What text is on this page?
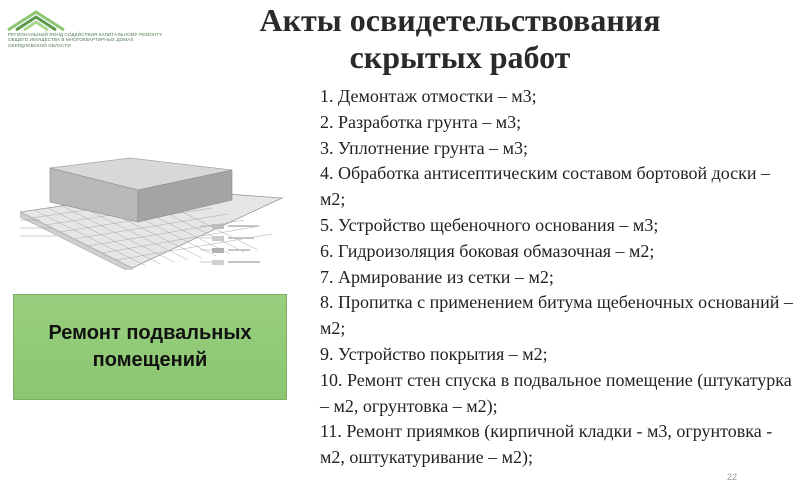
РЕГИОНАЛЬНЫЙ ФОНД СОДЕЙСТВИЯ КАПИТАЛЬНОМУ РЕМОНТУ ОБЩЕГО ИМУЩЕСТВА В МНОГОКВАРТИРНЫХ ДОМАХ СВЕРДЛОВСКОЙ ОБЛАСТИ
Акты освидетельствования
скрытых работ
Ремонт подвальных
помещений
1. Демонтаж отмостки – м3;
2. Разработка грунта – м3;
3. Уплотнение грунта – м3;
4. Обработка антисептическим составом бортовой доски – м2;
5. Устройство щебеночного основания – м3;
6. Гидроизоляция боковая обмазочная – м2;
7. Армирование из сетки – м2;
8. Пропитка с применением битума щебеночных оснований – м2;
9. Устройство покрытия – м2;
10. Ремонт стен спуска в подвальное помещение (штукатурка – м2, огрунтовка – м2);
11. Ремонт приямков (кирпичной кладки - м3, огрунтовка - м2, оштукатуривание – м2);
22
